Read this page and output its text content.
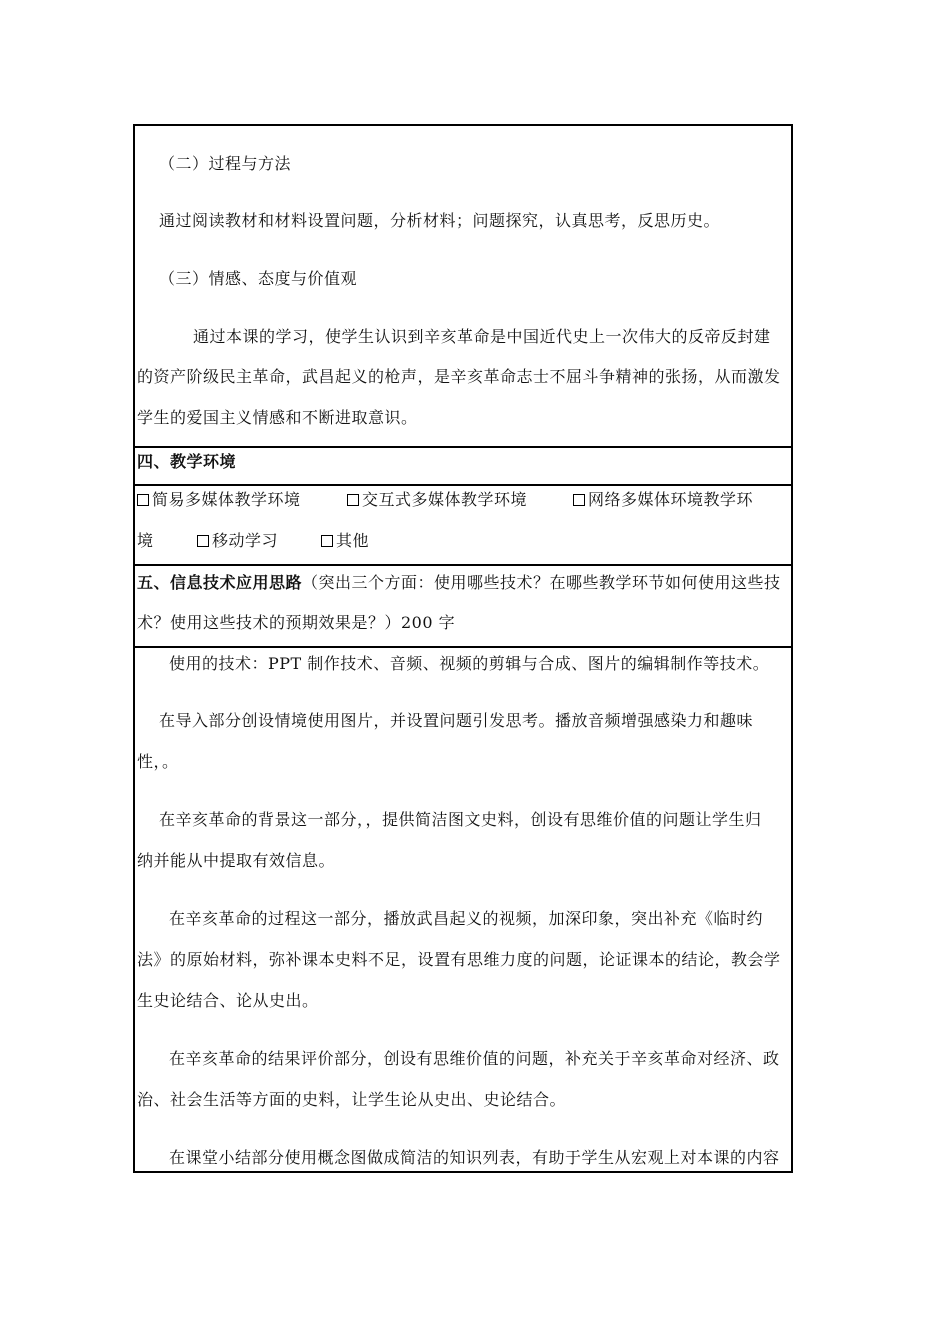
（二）过程与方法
通过阅读教材和材料设置问题，分析材料；问题探究，认真思考，反思历史。
（三）情感、态度与价值观
通过本课的学习，使学生认识到辛亥革命是中国近代史上一次伟大的反帝反封建
的资产阶级民主革命，武昌起义的枪声，是辛亥革命志士不屈斗争精神的张扬，从而激发
学生的爱国主义情感和不断进取意识。
四、教学环境
简易多媒体教学环境	交互式多媒体教学环境	网络多媒体环境教学环
境	移动学习	其他
五、信息技术应用思路（突出三个方面：使用哪些技术？在哪些教学环节如何使用这些技
术？使用这些技术的预期效果是？）200 字
使用的技术：PPT 制作技术、音频、视频的剪辑与合成、图片的编辑制作等技术。
在导入部分创设情境使用图片，并设置问题引发思考。播放音频增强感染力和趣味
性，。
在辛亥革命的背景这一部分，，提供简洁图文史料，创设有思维价值的问题让学生归
纳并能从中提取有效信息。
在辛亥革命的过程这一部分，播放武昌起义的视频，加深印象，突出补充《临时约
法》的原始材料，弥补课本史料不足，设置有思维力度的问题，论证课本的结论，教会学
生史论结合、论从史出。
在辛亥革命的结果评价部分，创设有思维价值的问题，补充关于辛亥革命对经济、政
治、社会生活等方面的史料，让学生论从史出、史论结合。
在课堂小结部分使用概念图做成简洁的知识列表，有助于学生从宏观上对本课的内容
